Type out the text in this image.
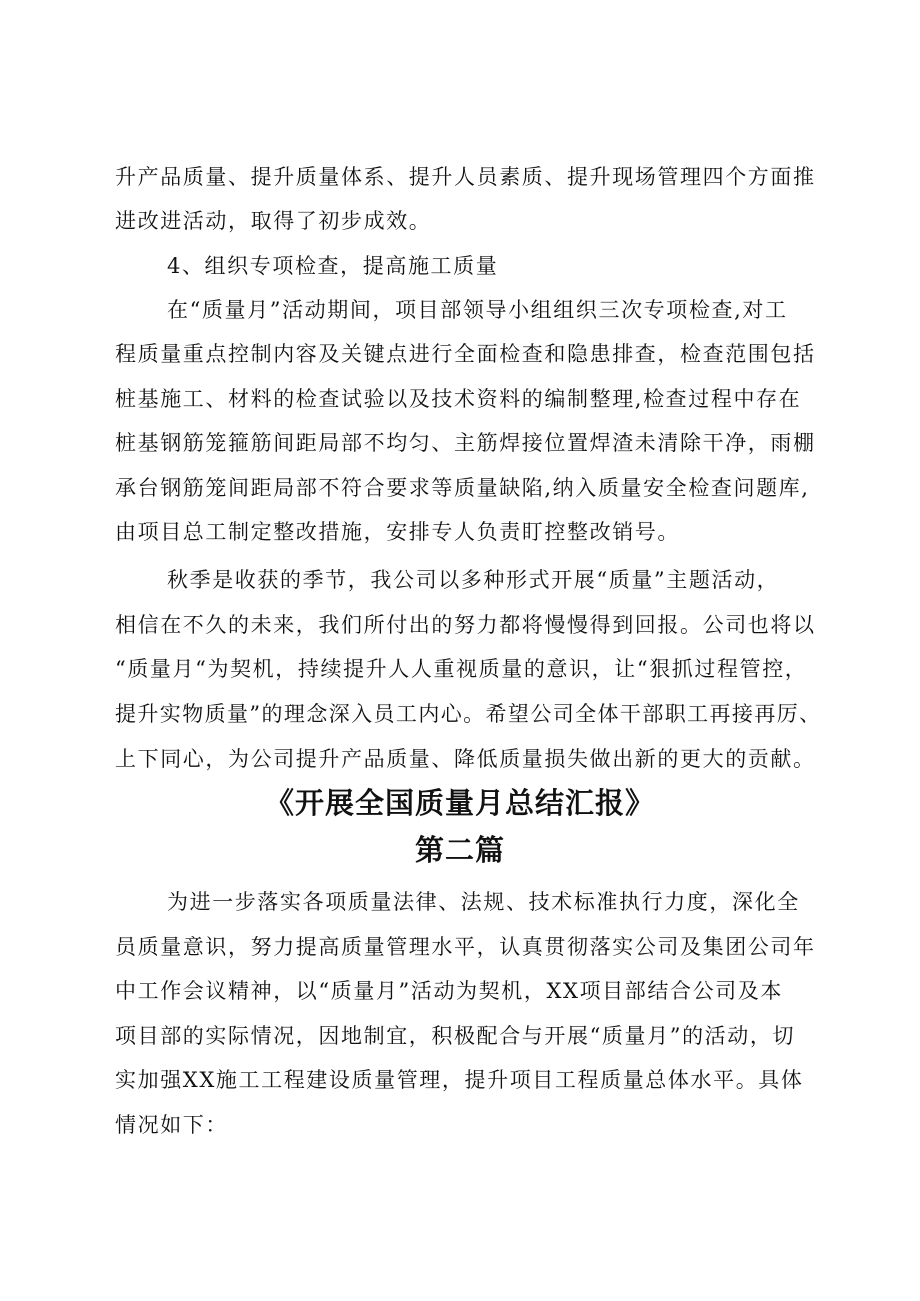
升产品质量、提升质量体系、提升人员素质、提升现场管理四个方面推

进改进活动，取得了初步成效。

4、组织专项检查，提高施工质量

在“质量月”活动期间，项目部领导小组组织三次专项检查,对工

程质量重点控制内容及关键点进行全面检查和隐患排查，检查范围包括

桩基施工、材料的检查试验以及技术资料的编制整理,检查过程中存在

桩基钢筋笼箍筋间距局部不均匀、主筋焊接位置焊渣未清除干净，雨棚

承台钢筋笼间距局部不符合要求等质量缺陷,纳入质量安全检查问题库,

由项目总工制定整改措施，安排专人负责盯控整改销号。

秋季是收获的季节，我公司以多种形式开展“质量”主题活动，

相信在不久的未来，我们所付出的努力都将慢慢得到回报。公司也将以

“质量月“为契机，持续提升人人重视质量的意识，让“狠抓过程管控，

提升实物质量”的理念深入员工内心。希望公司全体干部职工再接再厉、

上下同心，为公司提升产品质量、降低质量损失做出新的更大的贡献。

《开展全国质量月总结汇报》
第二篇

为进一步落实各项质量法律、法规、技术标准执行力度，深化全

员质量意识，努力提高质量管理水平，认真贯彻落实公司及集团公司年

中工作会议精神，以“质量月”活动为契机，XX项目部结合公司及本

项目部的实际情况，因地制宜，积极配合与开展“质量月”的活动，切

实加强XX施工工程建设质量管理，提升项目工程质量总体水平。具体

情况如下：
